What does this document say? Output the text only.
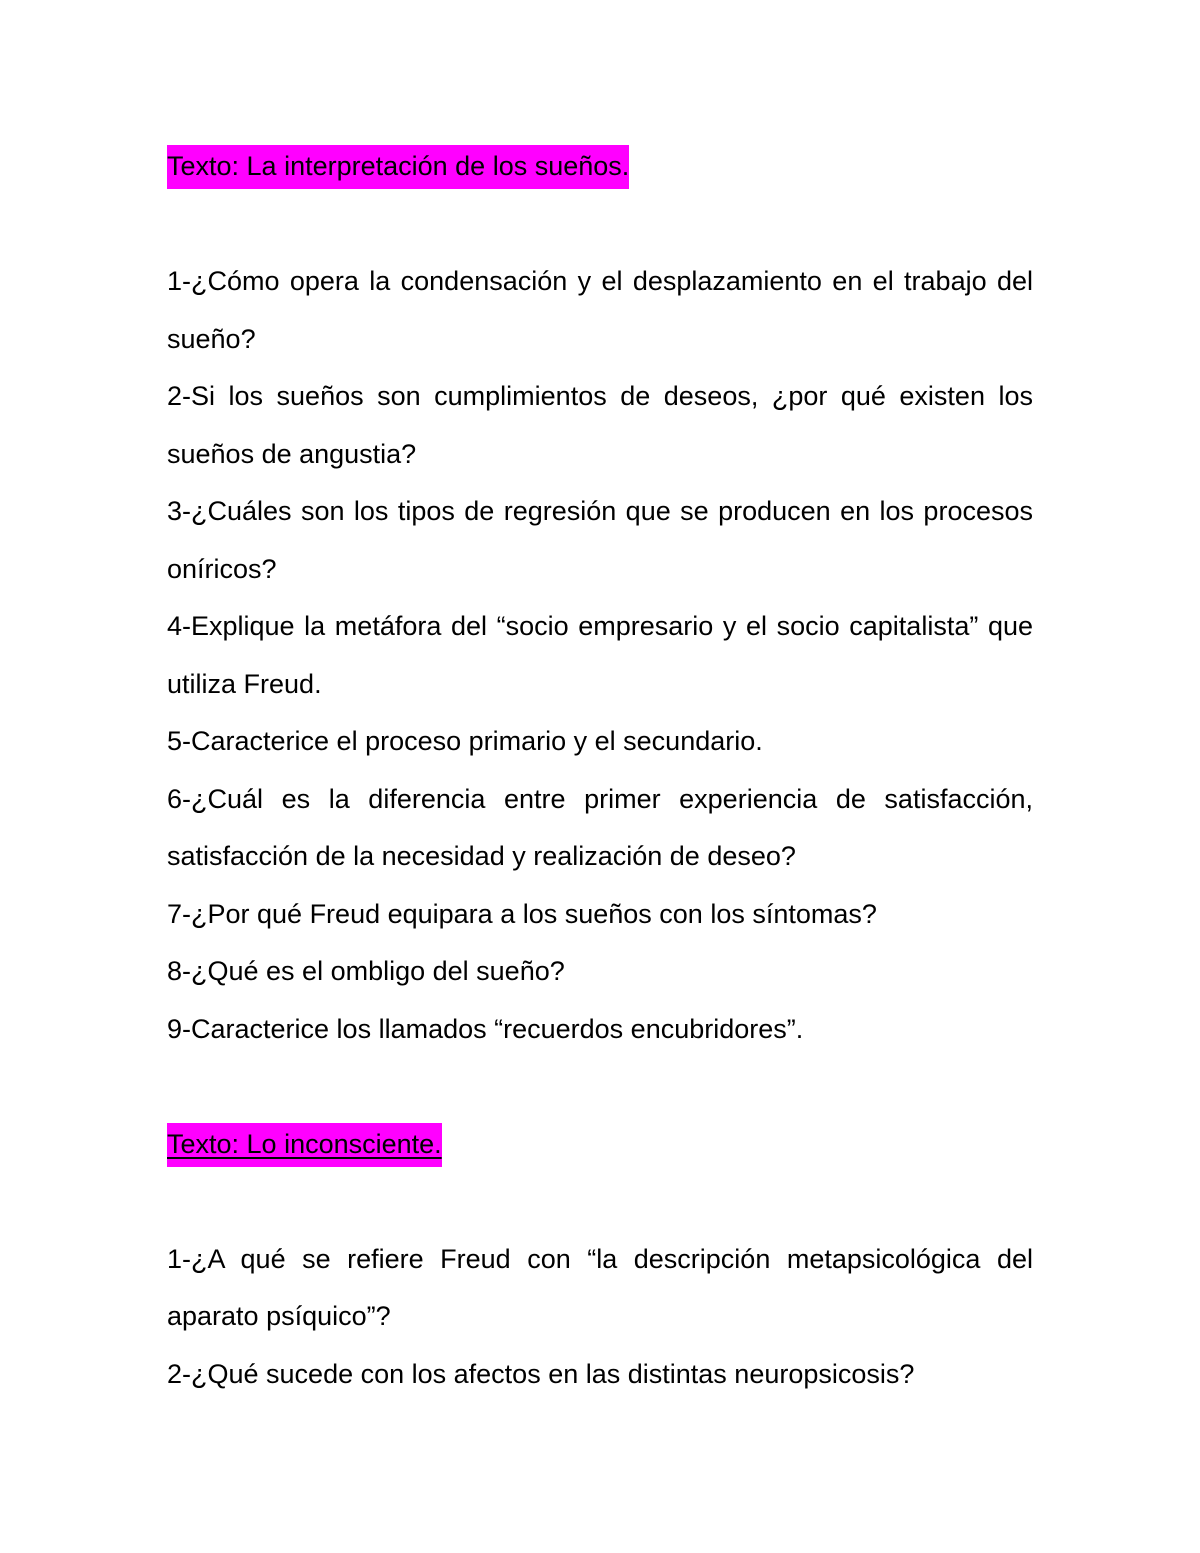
Texto: La interpretación de los sueños.

1-¿Cómo opera la condensación y el desplazamiento en el trabajo del sueño?

2-Si los sueños son cumplimientos de deseos, ¿por qué existen los sueños de angustia?

3-¿Cuáles son los tipos de regresión que se producen en los procesos oníricos?

4-Explique la metáfora del “socio empresario y el socio capitalista” que utiliza Freud.

5-Caracterice el proceso primario y el secundario.

6-¿Cuál es la diferencia entre primer experiencia de satisfacción, satisfacción de la necesidad y realización de deseo?

7-¿Por qué Freud equipara a los sueños con los síntomas?

8-¿Qué es el ombligo del sueño?

9-Caracterice los llamados “recuerdos encubridores”.

Texto: Lo inconsciente.

1-¿A qué se refiere Freud con “la descripción metapsicológica del aparato psíquico”?

2-¿Qué sucede con los afectos en las distintas neuropsicosis?
